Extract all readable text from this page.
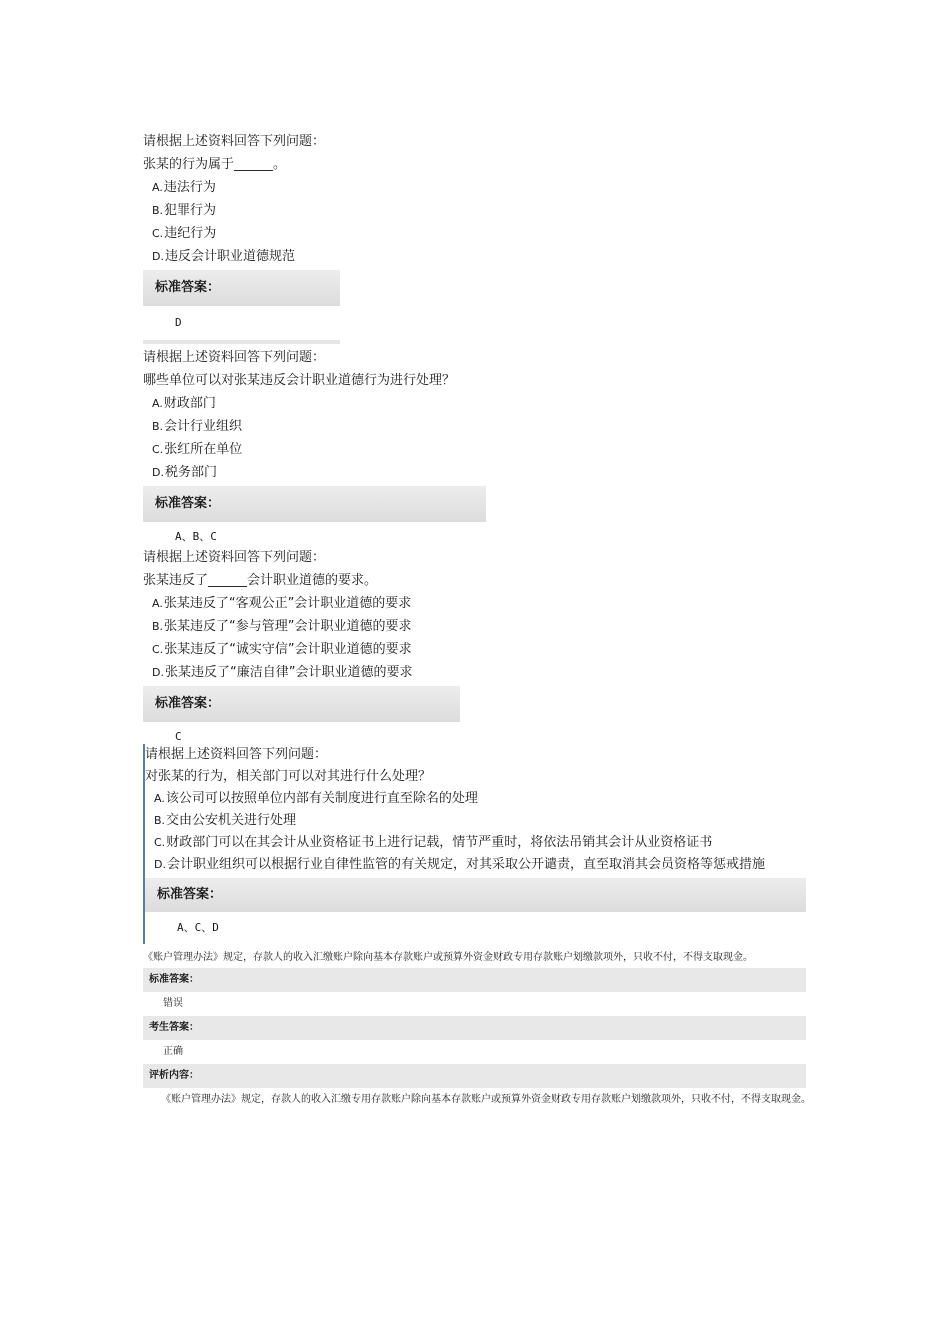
请根据上述资料回答下列问题：
张某的行为属于______。
A.违法行为
B.犯罪行为
C.违纪行为
D.违反会计职业道德规范
标准答案：
D
请根据上述资料回答下列问题：
哪些单位可以对张某违反会计职业道德行为进行处理？
A.财政部门
B.会计行业组织
C.张红所在单位
D.税务部门
标准答案：
A、B、C
请根据上述资料回答下列问题：
张某违反了______会计职业道德的要求。
A.张某违反了“客观公正”会计职业道德的要求
B.张某违反了“参与管理”会计职业道德的要求
C.张某违反了“诚实守信”会计职业道德的要求
D.张某违反了“廉洁自律”会计职业道德的要求
标准答案：
C
请根据上述资料回答下列问题：
对张某的行为，相关部门可以对其进行什么处理？
A.该公司可以按照单位内部有关制度进行直至除名的处理
B.交由公安机关进行处理
C.财政部门可以在其会计从业资格证书上进行记载，情节严重时，将依法吊销其会计从业资格证书
D.会计职业组织可以根据行业自律性监管的有关规定，对其采取公开谴责，直至取消其会员资格等惩戒措施
标准答案：
A、C、D
《账户管理办法》规定，存款人的收入汇缴账户除向基本存款账户或预算外资金财政专用存款账户划缴款项外，只收不付，不得支取现金。
标准答案：
错误
考生答案：
正确
评析内容：
《账户管理办法》规定，存款人的收入汇缴专用存款账户除向基本存款账户或预算外资金财政专用存款账户划缴款项外，只收不付，不得支取现金。
